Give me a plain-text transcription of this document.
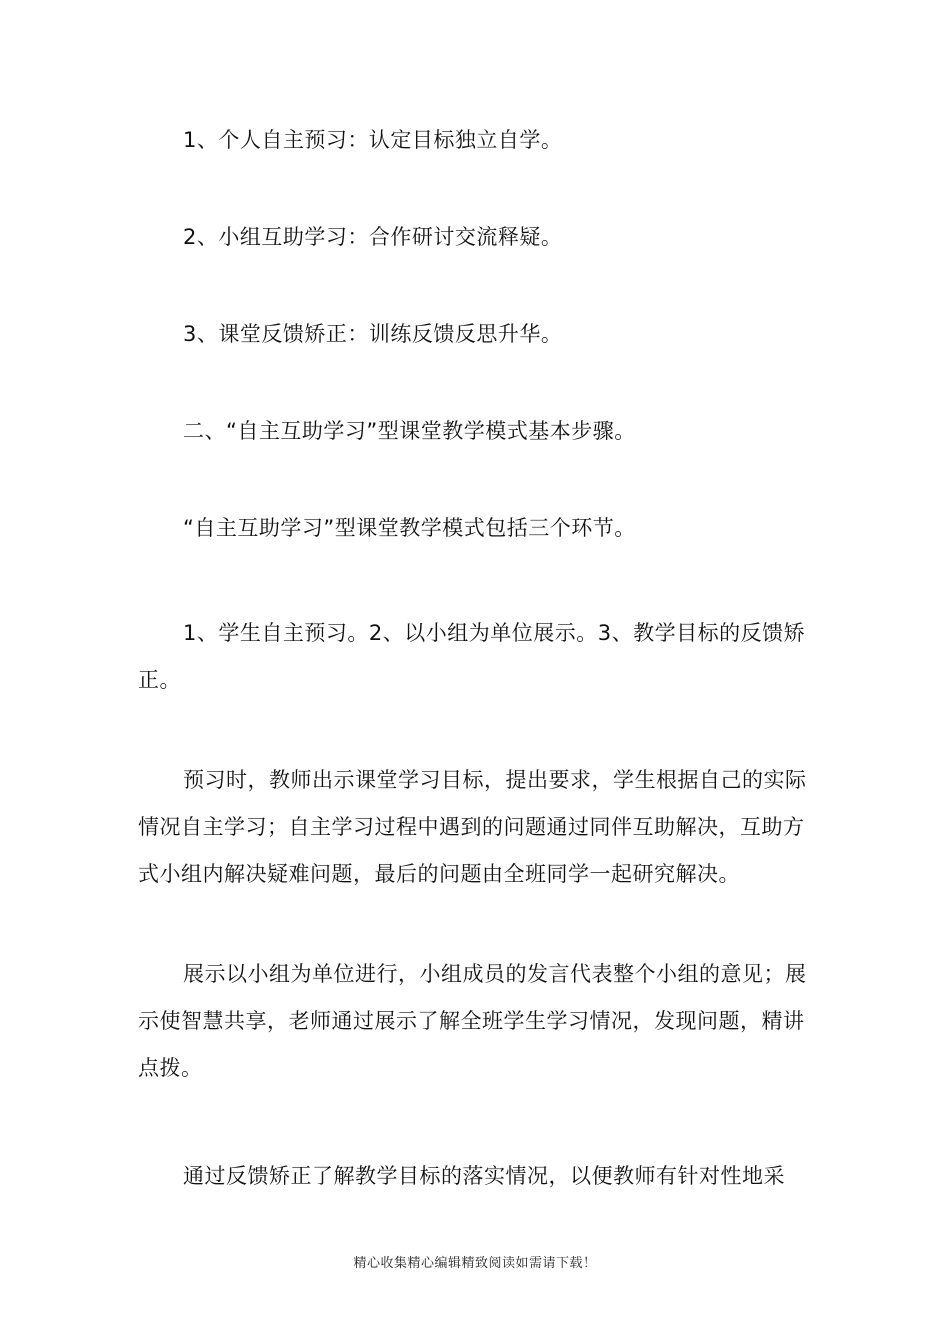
1、个人自主预习：认定目标独立自学。

2、小组互助学习：合作研讨交流释疑。

3、课堂反馈矫正：训练反馈反思升华。

二、“自主互助学习”型课堂教学模式基本步骤。

“自主互助学习”型课堂教学模式包括三个环节。

1、学生自主预习。2、以小组为单位展示。3、教学目标的反馈矫正。

预习时，教师出示课堂学习目标，提出要求，学生根据自己的实际情况自主学习；自主学习过程中遇到的问题通过同伴互助解决，互助方式小组内解决疑难问题，最后的问题由全班同学一起研究解决。

展示以小组为单位进行，小组成员的发言代表整个小组的意见；展示使智慧共享，老师通过展示了解全班学生学习情况，发现问题，精讲点拨。

通过反馈矫正了解教学目标的落实情况，以便教师有针对性地采

精心收集精心编辑精致阅读如需请下载！
